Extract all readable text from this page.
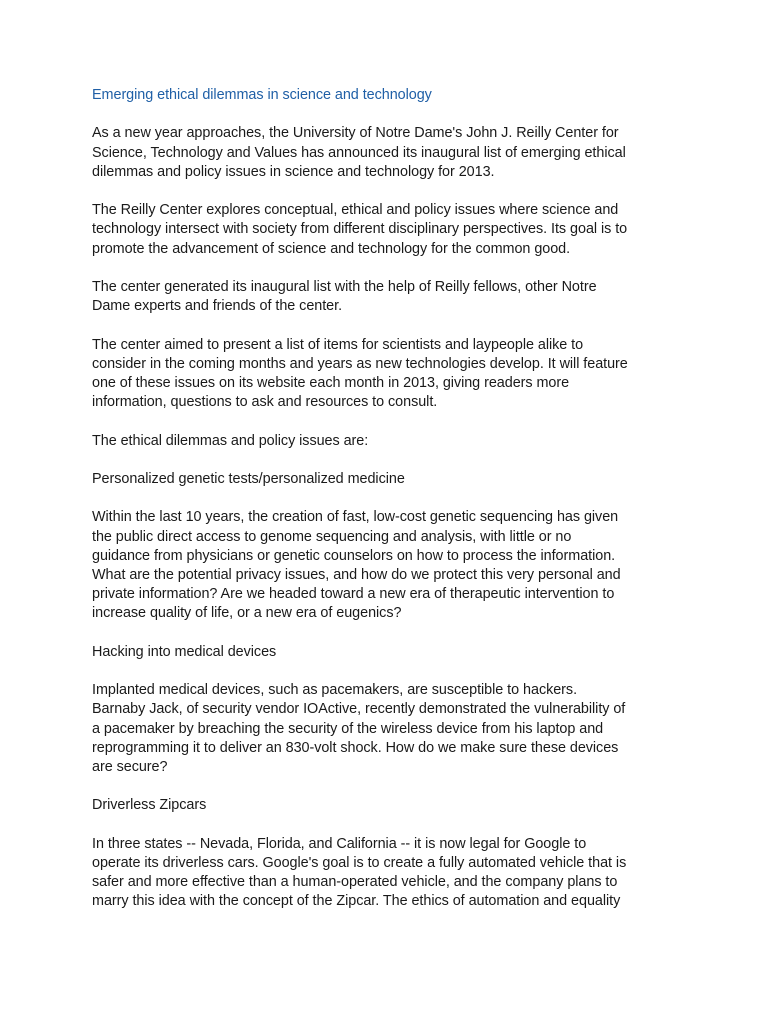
Emerging ethical dilemmas in science and technology
As a new year approaches, the University of Notre Dame's John J. Reilly Center for
Science, Technology and Values has announced its inaugural list of emerging ethical
dilemmas and policy issues in science and technology for 2013.
The Reilly Center explores conceptual, ethical and policy issues where science and
technology intersect with society from different disciplinary perspectives. Its goal is to
promote the advancement of science and technology for the common good.
The center generated its inaugural list with the help of Reilly fellows, other Notre
Dame experts and friends of the center.
The center aimed to present a list of items for scientists and laypeople alike to
consider in the coming months and years as new technologies develop. It will feature
one of these issues on its website each month in 2013, giving readers more
information, questions to ask and resources to consult.
The ethical dilemmas and policy issues are:
Personalized genetic tests/personalized medicine
Within the last 10 years, the creation of fast, low-cost genetic sequencing has given
the public direct access to genome sequencing and analysis, with little or no
guidance from physicians or genetic counselors on how to process the information.
What are the potential privacy issues, and how do we protect this very personal and
private information? Are we headed toward a new era of therapeutic intervention to
increase quality of life, or a new era of eugenics?
Hacking into medical devices
Implanted medical devices, such as pacemakers, are susceptible to hackers.
Barnaby Jack, of security vendor IOActive, recently demonstrated the vulnerability of
a pacemaker by breaching the security of the wireless device from his laptop and
reprogramming it to deliver an 830-volt shock. How do we make sure these devices
are secure?
Driverless Zipcars
In three states -- Nevada, Florida, and California -- it is now legal for Google to
operate its driverless cars. Google's goal is to create a fully automated vehicle that is
safer and more effective than a human-operated vehicle, and the company plans to
marry this idea with the concept of the Zipcar. The ethics of automation and equality
